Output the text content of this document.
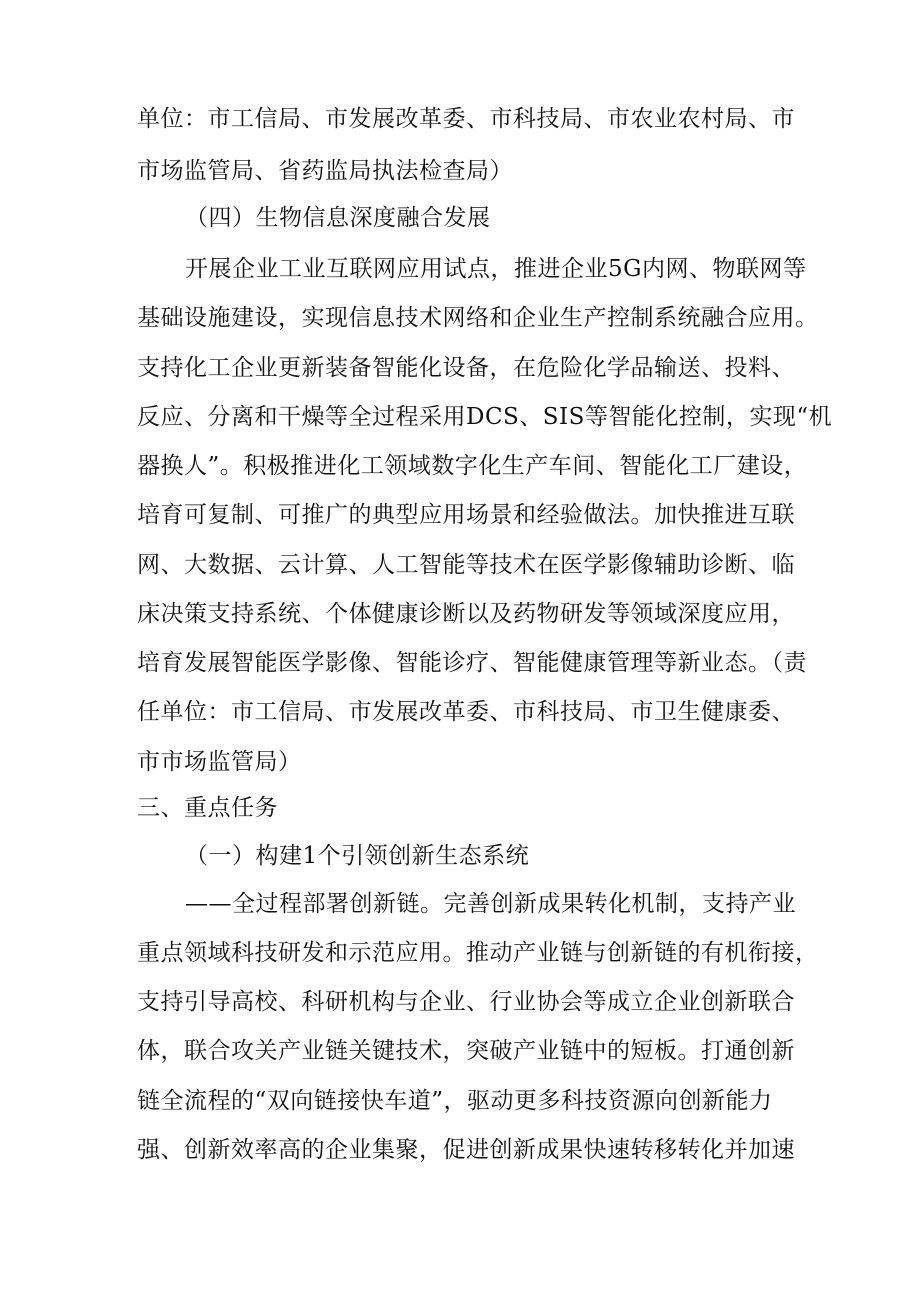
单位：市工信局、市发展改革委、市科技局、市农业农村局、市
市场监管局、省药监局执法检查局）
（四）生物信息深度融合发展
开展企业工业互联网应用试点，推进企业5G内网、物联网等
基础设施建设，实现信息技术网络和企业生产控制系统融合应用。
支持化工企业更新装备智能化设备，在危险化学品输送、投料、
反应、分离和干燥等全过程采用DCS、SIS等智能化控制，实现“机
器换人”。积极推进化工领域数字化生产车间、智能化工厂建设，
培育可复制、可推广的典型应用场景和经验做法。加快推进互联
网、大数据、云计算、人工智能等技术在医学影像辅助诊断、临
床决策支持系统、个体健康诊断以及药物研发等领域深度应用，
培育发展智能医学影像、智能诊疗、智能健康管理等新业态。（责
任单位：市工信局、市发展改革委、市科技局、市卫生健康委、
市市场监管局）
三、重点任务
（一）构建1个引领创新生态系统
——全过程部署创新链。完善创新成果转化机制，支持产业
重点领域科技研发和示范应用。推动产业链与创新链的有机衔接，
支持引导高校、科研机构与企业、行业协会等成立企业创新联合
体，联合攻关产业链关键技术，突破产业链中的短板。打通创新
链全流程的“双向链接快车道”，驱动更多科技资源向创新能力
强、创新效率高的企业集聚，促进创新成果快速转移转化并加速
